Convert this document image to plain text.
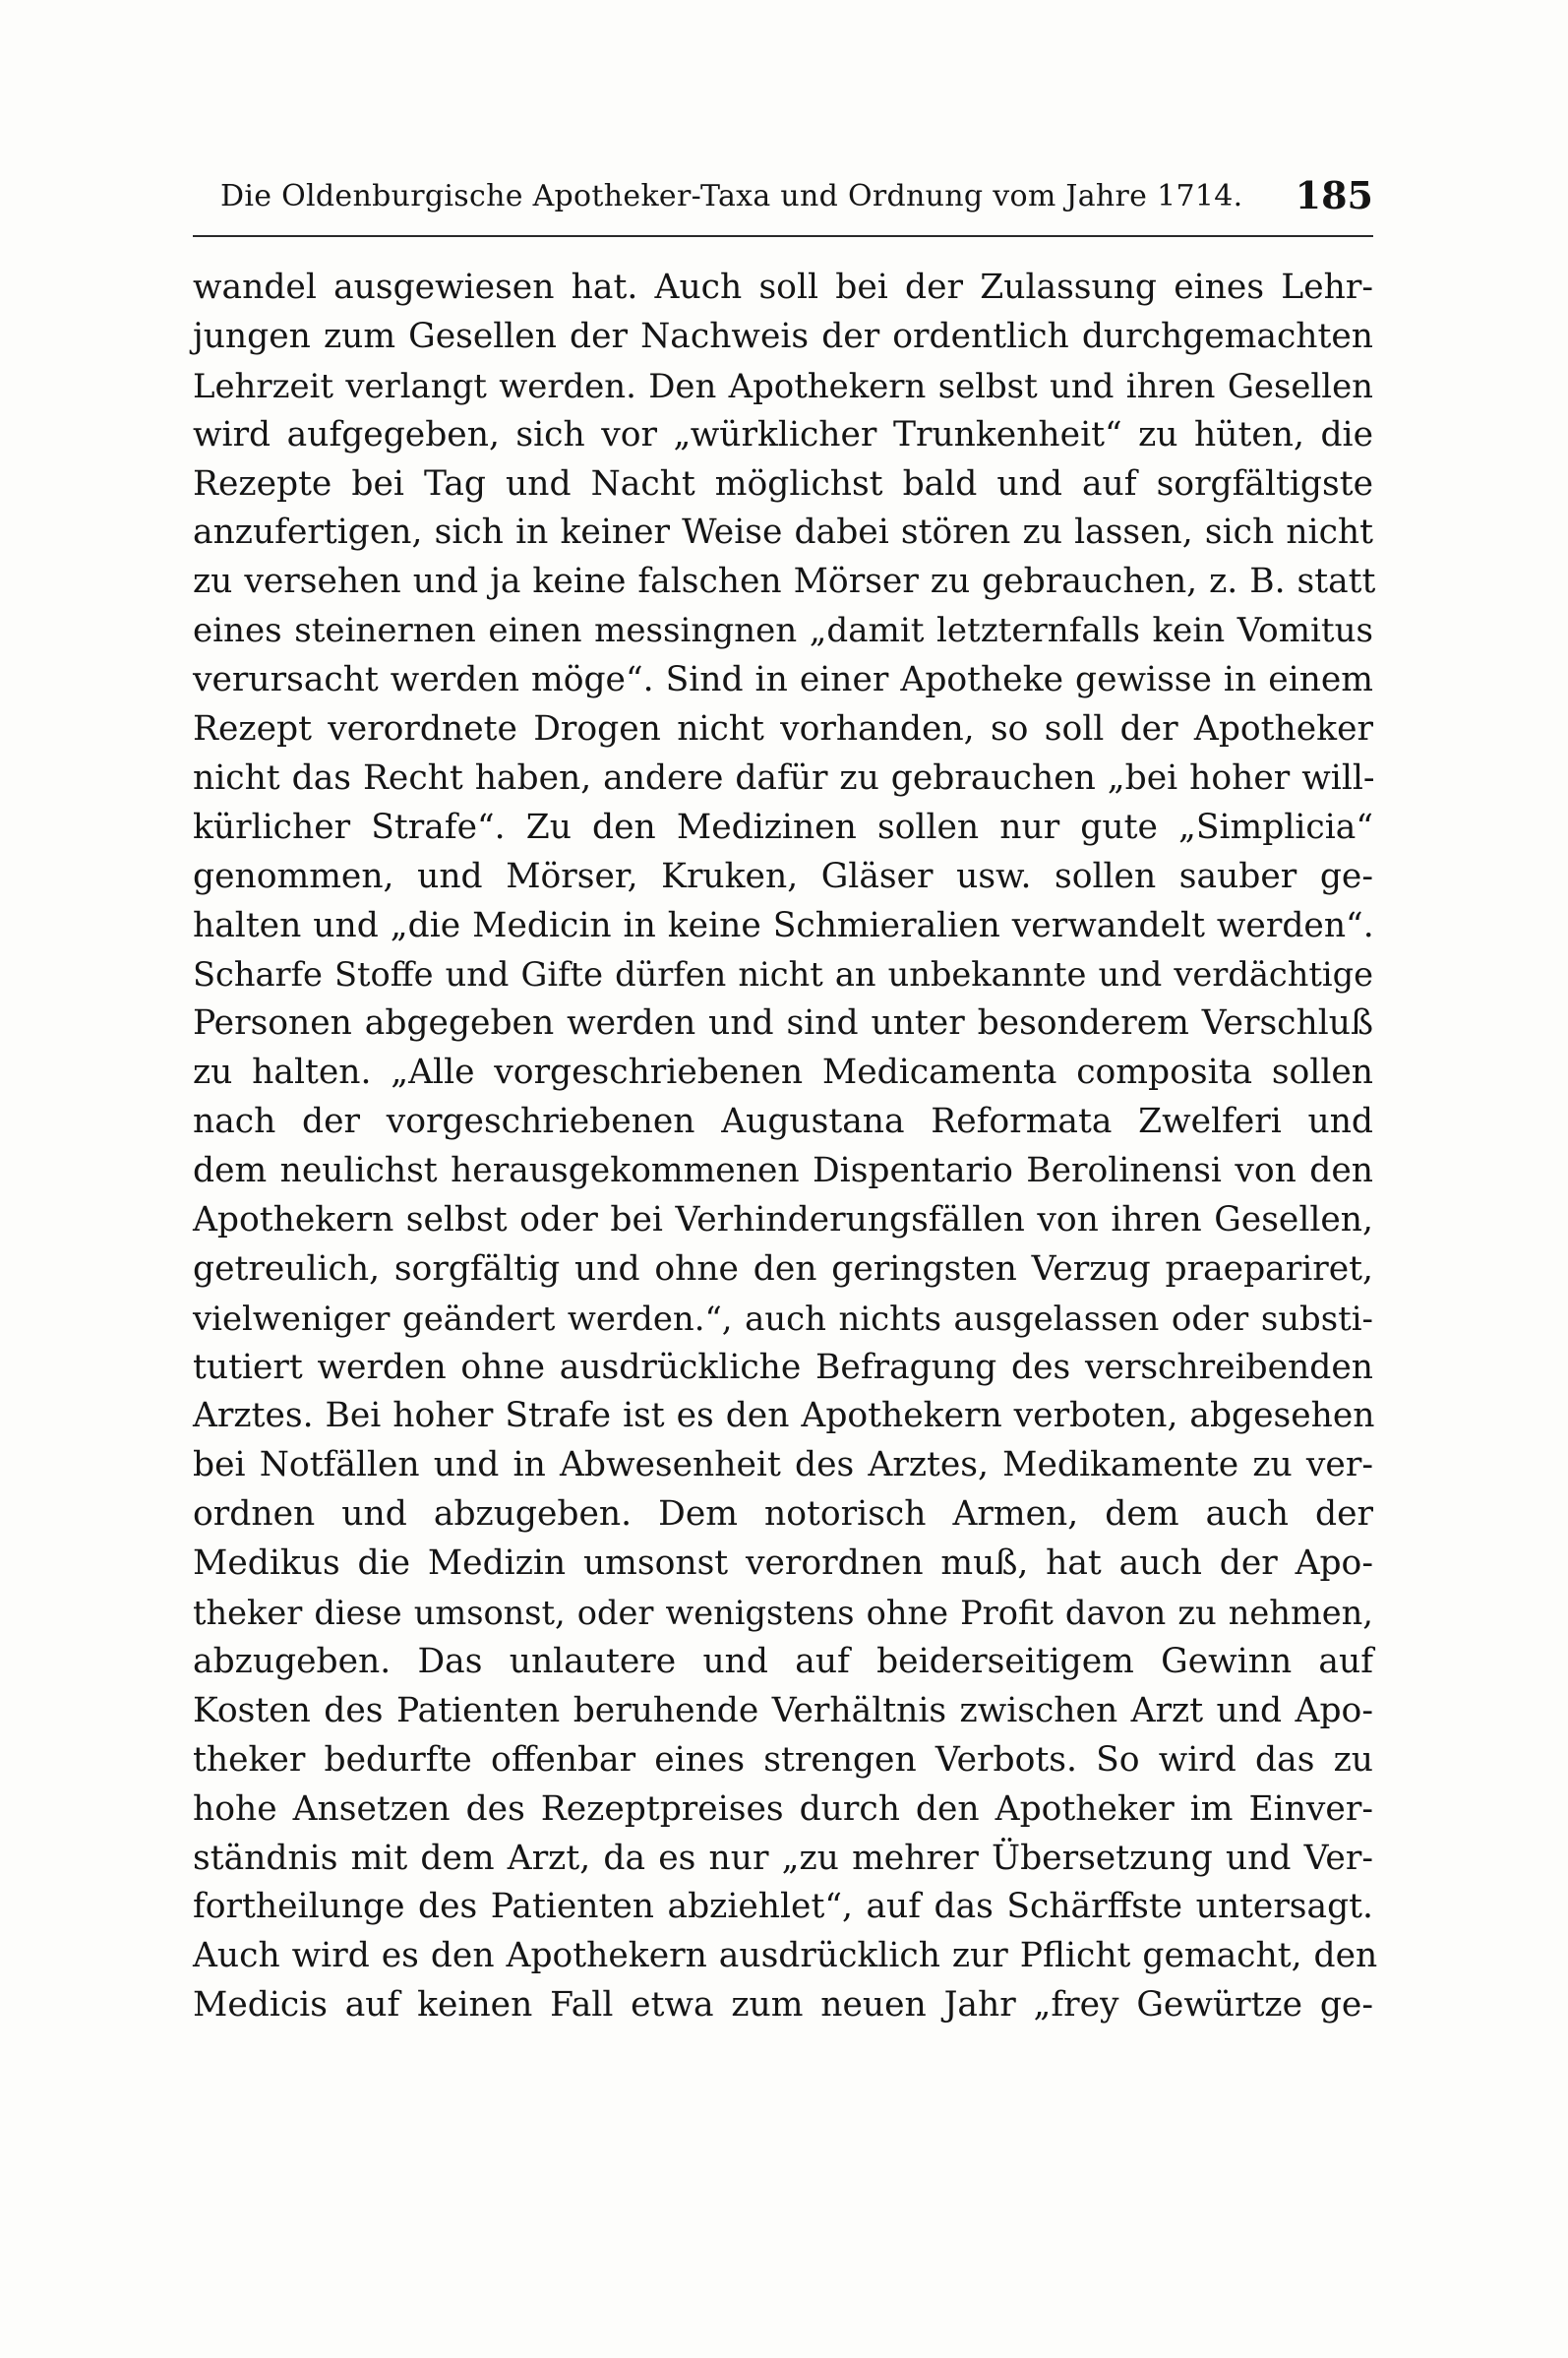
Die Oldenburgische Apotheker-Taxa und Ordnung vom Jahre 1714. 185
wandel ausgewiesen hat. Auch soll bei der Zulassung eines Lehr-
jungen zum Gesellen der Nachweis der ordentlich durchgemachten
Lehrzeit verlangt werden. Den Apothekern selbst und ihren Gesellen
wird aufgegeben, sich vor „würklicher Trunkenheit“ zu hüten, die
Rezepte bei Tag und Nacht möglichst bald und auf sorgfältigste
anzufertigen, sich in keiner Weise dabei stören zu lassen, sich nicht
zu versehen und ja keine falschen Mörser zu gebrauchen, z. B. statt
eines steinernen einen messingnen „damit letzternfalls kein Vomitus
verursacht werden möge“. Sind in einer Apotheke gewisse in einem
Rezept verordnete Drogen nicht vorhanden, so soll der Apotheker
nicht das Recht haben, andere dafür zu gebrauchen „bei hoher will-
kürlicher Strafe“. Zu den Medizinen sollen nur gute „Simplicia“
genommen, und Mörser, Kruken, Gläser usw. sollen sauber ge-
halten und „die Medicin in keine Schmieralien verwandelt werden“.
Scharfe Stoffe und Gifte dürfen nicht an unbekannte und verdächtige
Personen abgegeben werden und sind unter besonderem Verschluß
zu halten. „Alle vorgeschriebenen Medicamenta composita sollen
nach der vorgeschriebenen Augustana Reformata Zwelferi und
dem neulichst herausgekommenen Dispentario Berolinensi von den
Apothekern selbst oder bei Verhinderungsfällen von ihren Gesellen,
getreulich, sorgfältig und ohne den geringsten Verzug praepariret,
vielweniger geändert werden.“, auch nichts ausgelassen oder substi-
tutiert werden ohne ausdrückliche Befragung des verschreibenden
Arztes. Bei hoher Strafe ist es den Apothekern verboten, abgesehen
bei Notfällen und in Abwesenheit des Arztes, Medikamente zu ver-
ordnen und abzugeben. Dem notorisch Armen, dem auch der
Medikus die Medizin umsonst verordnen muß, hat auch der Apo-
theker diese umsonst, oder wenigstens ohne Profit davon zu nehmen,
abzugeben. Das unlautere und auf beiderseitigem Gewinn auf
Kosten des Patienten beruhende Verhältnis zwischen Arzt und Apo-
theker bedurfte offenbar eines strengen Verbots. So wird das zu
hohe Ansetzen des Rezeptpreises durch den Apotheker im Einver-
ständnis mit dem Arzt, da es nur „zu mehrer Übersetzung und Ver-
fortheilunge des Patienten abziehlet“, auf das Schärffste untersagt.
Auch wird es den Apothekern ausdrücklich zur Pflicht gemacht, den
Medicis auf keinen Fall etwa zum neuen Jahr „frey Gewürtze ge-
